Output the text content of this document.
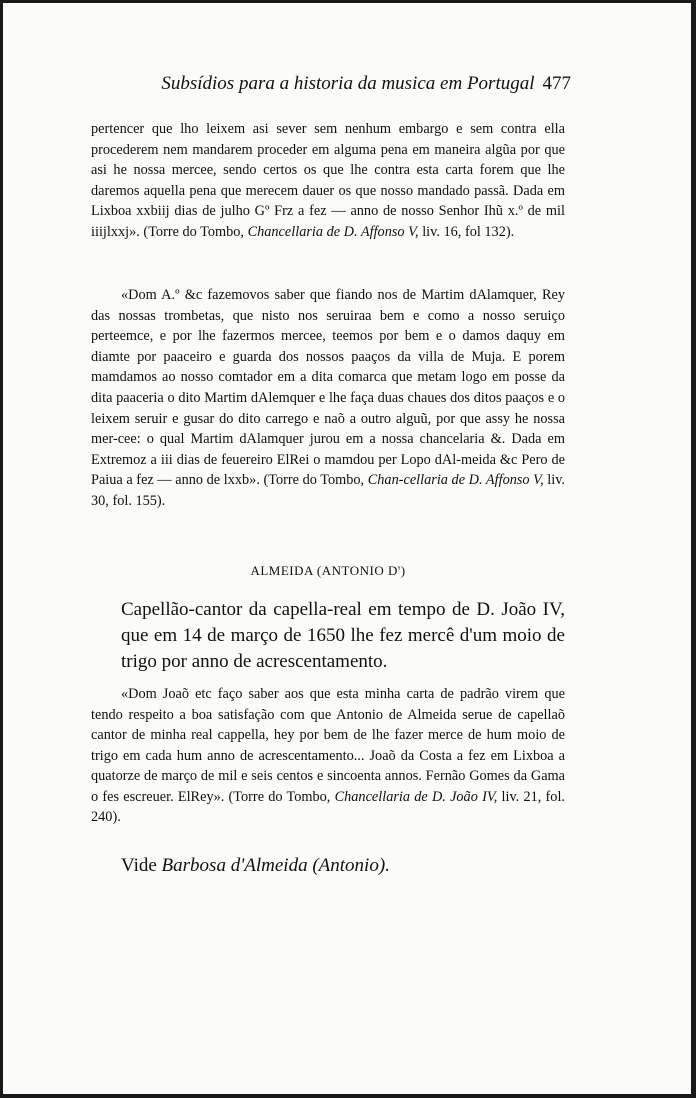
Subsídios para a historia da musica em Portugal 477
pertencer que lho leixem asi sever sem nenhum embargo e sem contra ella procederem nem mandarem proceder em alguma pena em maneira algũa por que asi he nossa mercee, sendo certos os que lhe contra esta carta forem que lhe daremos aquella pena que merecem dauer os que nosso mandado passã. Dada em Lixboa xxbiij dias de julho Gº Frz a fez — anno de nosso Senhor Ihũ x.º de mil iiijlxxj». (Torre do Tombo, Chancellaria de D. Affonso V, liv. 16, fol 132).
«Dom A.º &c fazemovos saber que fiando nos de Martim dAlamquer, Rey das nossas trombetas, que nisto nos seruiraa bem e como a nosso seruiço perteemce, e por lhe fazermos mercee, teemos por bem e o damos daquy em diamte por paaceiro e guarda dos nossos paaços da villa de Muja. E porem mamdamos ao nosso comtador em a dita comarca que metam logo em posse da dita paaceria o dito Martim dAlemquer e lhe faça duas chaues dos ditos paaços e o leixem seruir e gusar do dito carrego e naõ a outro alguũ, por que assy he nossa mer-cee: o qual Martim dAlamquer jurou em a nossa chancelaria &. Dada em Extremoz a iii dias de feuereiro ElRei o mamdou per Lopo dAl-meida &c Pero de Paiua a fez — anno de lxxb». (Torre do Tombo, Chan-cellaria de D. Affonso V, liv. 30, fol. 155).
ALMEIDA (ANTONIO D')
Capellão-cantor da capella-real em tempo de D. João IV, que em 14 de março de 1650 lhe fez mercê d'um moio de trigo por anno de acrescentamento.
«Dom Joaõ etc faço saber aos que esta minha carta de padrão virem que tendo respeito a boa satisfação com que Antonio de Almeida serue de capellaõ cantor de minha real cappella, hey por bem de lhe fazer merce de hum moio de trigo em cada hum anno de acrescentamento... Joaõ da Costa a fez em Lixboa a quatorze de março de mil e seis centos e sincoenta annos. Fernão Gomes da Gama o fes escreuer. ElRey». (Torre do Tombo, Chancellaria de D. João IV, liv. 21, fol. 240).
Vide Barbosa d'Almeida (Antonio).
